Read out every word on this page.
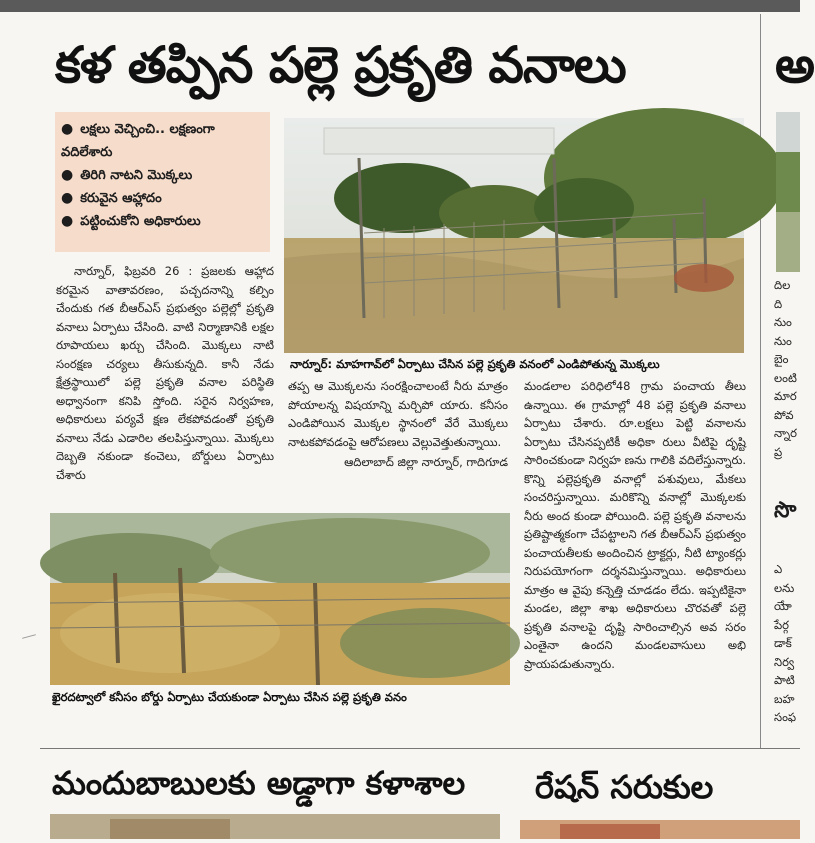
కళ తప్పిన పల్లె ప్రకృతి వనాలు	అ
● లక్షలు వెచ్చించి.. లక్షణంగా
వదిలేశారు
● తిరిగి నాటని మొక్కలు
● కరువైన ఆహ్లాదం
● పట్టించుకోని అధికారులు
నార్నూర్‌: మాహగావ్‌లో ఏర్పాటు చేసిన పల్లె ప్రకృతి వనంలో ఎండిపోతున్న మొక్కలు

నార్నూర్‌, ఫిబ్రవరి 26 : ప్రజలకు ఆహ్లాద కరమైన వాతావరణం, పచ్చదనాన్ని కల్పిం చేందుకు గత బీఆర్‌ఎస్‌ ప్రభుత్వం పల్లెల్లో ప్రకృతి వనాలు ఏర్పాటు చేసింది. వాటి నిర్మాణానికి లక్షల రూపాయలు ఖర్చు చేసింది. మొక్కలు నాటి సంరక్షణ చర్యలు తీసుకున్నది. కానీ నేడు క్షేత్రస్థాయిలో పల్లె ప్రకృతి వనాల పరిస్థితి అధ్వానంగా కనిపి స్తోంది. సరైన నిర్వహణ, అధికారులు పర్యవే క్షణ లేకపోవడంతో ప్రకృతి వనాలు నేడు ఎడారిల తలపిస్తున్నాయి. మొక్కలు దెబ్బతి నకుండా కంచెలు, బోర్డులు ఏర్పాటు చేశారు

తప్ప ఆ మొక్కలను సంరక్షించాలంటే నీరు మాత్రం పోయాలన్న విషయాన్ని మర్చిపో యారు. కనీసం ఎండిపోయిన మొక్కల స్థానంలో వేరే మొక్కలు నాటకపోవడంపై ఆరోపణలు వెల్లువెత్తుతున్నాయి.

ఆదిలాబాద్‌ జిల్లా నార్నూర్‌, గాదిగూడ

మండలాల పరిధిలో48 గ్రామ పంచాయ తీలు ఉన్నాయి. ఈ గ్రామాల్లో 48 పల్లె ప్రకృతి వనాలు ఏర్పాటు చేశారు. రూ.లక్షలు పెట్టి వనాలను ఏర్పాటు చేసినప్పటికీ అధికా రులు వీటిపై దృష్టి సారించకుండా నిర్వహ ణను గాలికి వదిలేస్తున్నారు. కొన్ని పల్లెప్రకృతి వనాల్లో పశువులు, మేకలు సంచరిస్తున్నాయి. మరికొన్ని వనాల్లో మొక్కలకు నీరు అంద కుండా పోయింది. పల్లె ప్రకృతి వనాలను ప్రతిష్టాత్మకంగా చేపట్టాలని గత బీఆర్‌ఎస్‌ ప్రభుత్వం పంచాయతీలకు అందించిన ట్రాక్టర్లు, నీటి ట్యాంకర్లు నిరుపయోగంగా దర్శనమిస్తున్నాయి. అధికారులు మాత్రం ఆ వైపు కన్నెత్తి చూడడం లేదు. ఇప్పటికైనా మండల, జిల్లా శాఖ అధికారులు చొరవతో పల్లె ప్రకృతి వనాలపై దృష్టి సారించాల్సిన అవ సరం ఎంతైనా ఉందని మండలవాసులు అభి ప్రాయపడుతున్నారు.

ఖైరదట్వాలో కనీసం బోర్డు ఏర్పాటు చేయకుండా ఏర్పాటు చేసిన పల్లె ప్రకృతి వనం
దిల
ది
నుం
నుం
బైం
లంటి
మార
పోవ
న్నార
ప్ర
సొ
ఎ
లను
యేా
పేర్గ
డాక్
నిర్వ
పాటి
బహ
సంఫ
మందుబాబులకు అడ్డాగా కళాశాల రేషన్‌ సరుకుల
